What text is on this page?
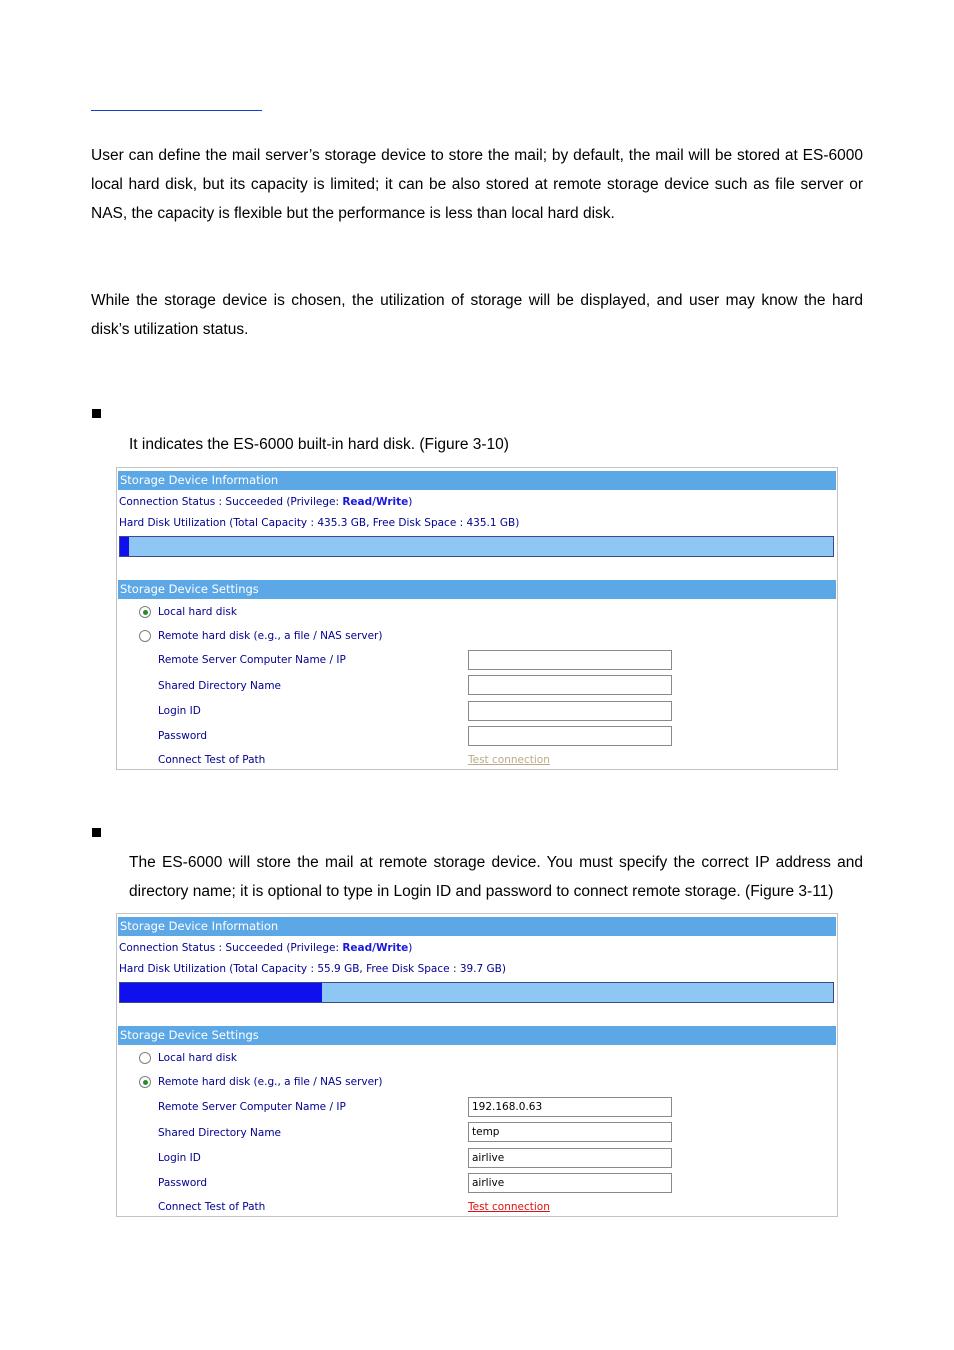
User can define the mail server’s storage device to store the mail; by default, the mail will be stored at ES-6000 local hard disk, but its capacity is limited; it can be also stored at remote storage device such as file server or NAS, the capacity is flexible but the performance is less than local hard disk.

While the storage device is chosen, the utilization of storage will be displayed, and user may know the hard disk’s utilization status.

It indicates the ES-6000 built-in hard disk. (Figure 3-10)

Storage Device Information
Connection Status : Succeeded (Privilege: Read/Write)
Hard Disk Utilization (Total Capacity : 435.3 GB, Free Disk Space : 435.1 GB)
Storage Device Settings
Local hard disk
Remote hard disk (e.g., a file / NAS server)
Remote Server Computer Name / IP
Shared Directory Name
Login ID
Password
Connect Test of Path	Test connection

The ES-6000 will store the mail at remote storage device. You must specify the correct IP address and directory name; it is optional to type in Login ID and password to connect remote storage. (Figure 3-11)

Storage Device Information
Connection Status : Succeeded (Privilege: Read/Write)
Hard Disk Utilization (Total Capacity : 55.9 GB, Free Disk Space : 39.7 GB)
Storage Device Settings
Local hard disk
Remote hard disk (e.g., a file / NAS server)
Remote Server Computer Name / IP	192.168.0.63
Shared Directory Name	temp
Login ID	airlive
Password	airlive
Connect Test of Path	Test connection
